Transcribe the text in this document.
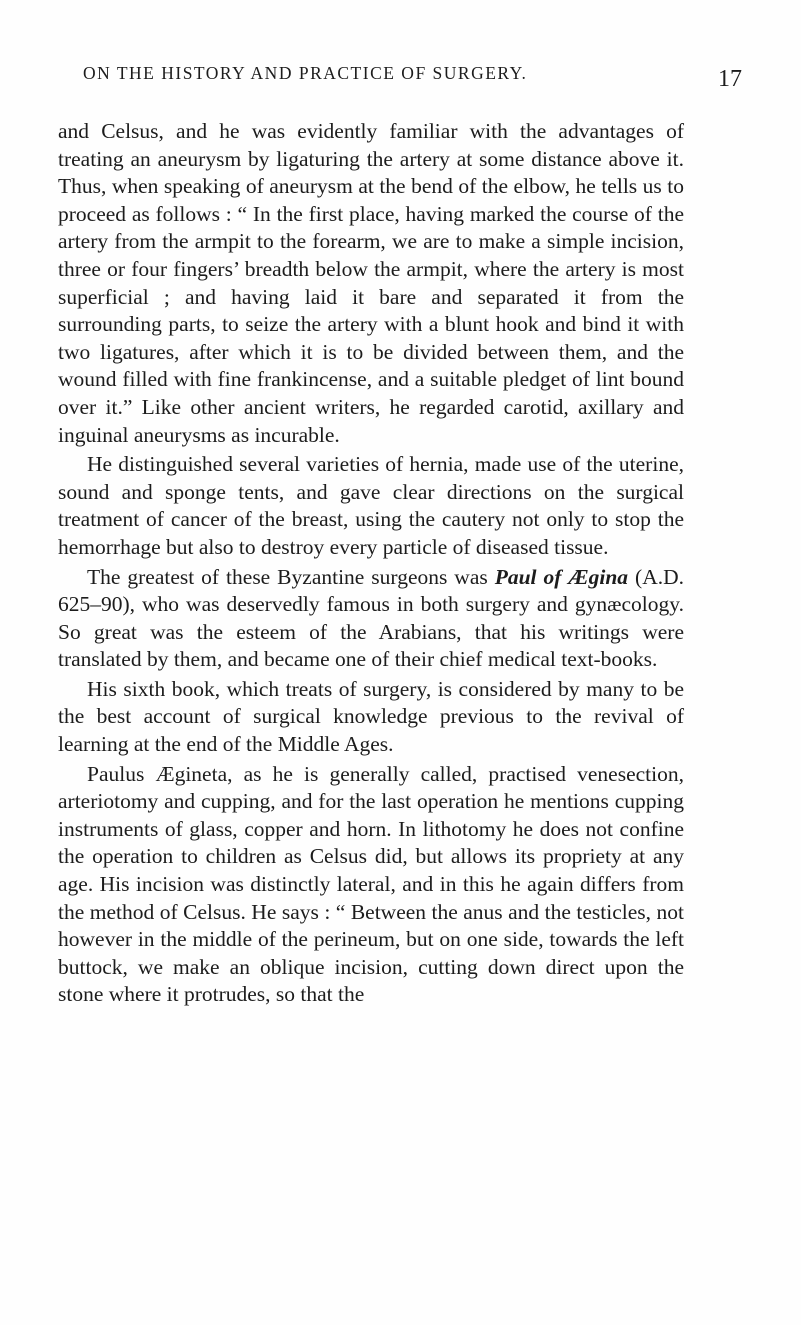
ON THE HISTORY AND PRACTICE OF SURGERY.	17

and Celsus, and he was evidently familiar with the advantages of treating an aneurysm by ligaturing the artery at some distance above it. Thus, when speaking of aneurysm at the bend of the elbow, he tells us to proceed as follows : “ In the first place, having marked the course of the artery from the armpit to the forearm, we are to make a simple incision, three or four fingers’ breadth below the armpit, where the artery is most superficial ; and having laid it bare and separated it from the surrounding parts, to seize the artery with a blunt hook and bind it with two ligatures, after which it is to be divided between them, and the wound filled with fine frankincense, and a suitable pledget of lint bound over it.” Like other ancient writers, he regarded carotid, axillary and inguinal aneurysms as incurable.

He distinguished several varieties of hernia, made use of the uterine, sound and sponge tents, and gave clear directions on the surgical treatment of cancer of the breast, using the cautery not only to stop the hemorrhage but also to destroy every particle of diseased tissue.

The greatest of these Byzantine surgeons was Paul of Ægina (A.D. 625–90), who was deservedly famous in both surgery and gynæcology. So great was the esteem of the Arabians, that his writings were translated by them, and became one of their chief medical text-books.

His sixth book, which treats of surgery, is considered by many to be the best account of surgical knowledge previous to the revival of learning at the end of the Middle Ages.

Paulus Ægineta, as he is generally called, practised venesection, arteriotomy and cupping, and for the last operation he mentions cupping instruments of glass, copper and horn. In lithotomy he does not confine the operation to children as Celsus did, but allows its propriety at any age. His incision was distinctly lateral, and in this he again differs from the method of Celsus. He says : “ Between the anus and the testicles, not however in the middle of the perineum, but on one side, towards the left buttock, we make an oblique incision, cutting down direct upon the stone where it protrudes, so that the
